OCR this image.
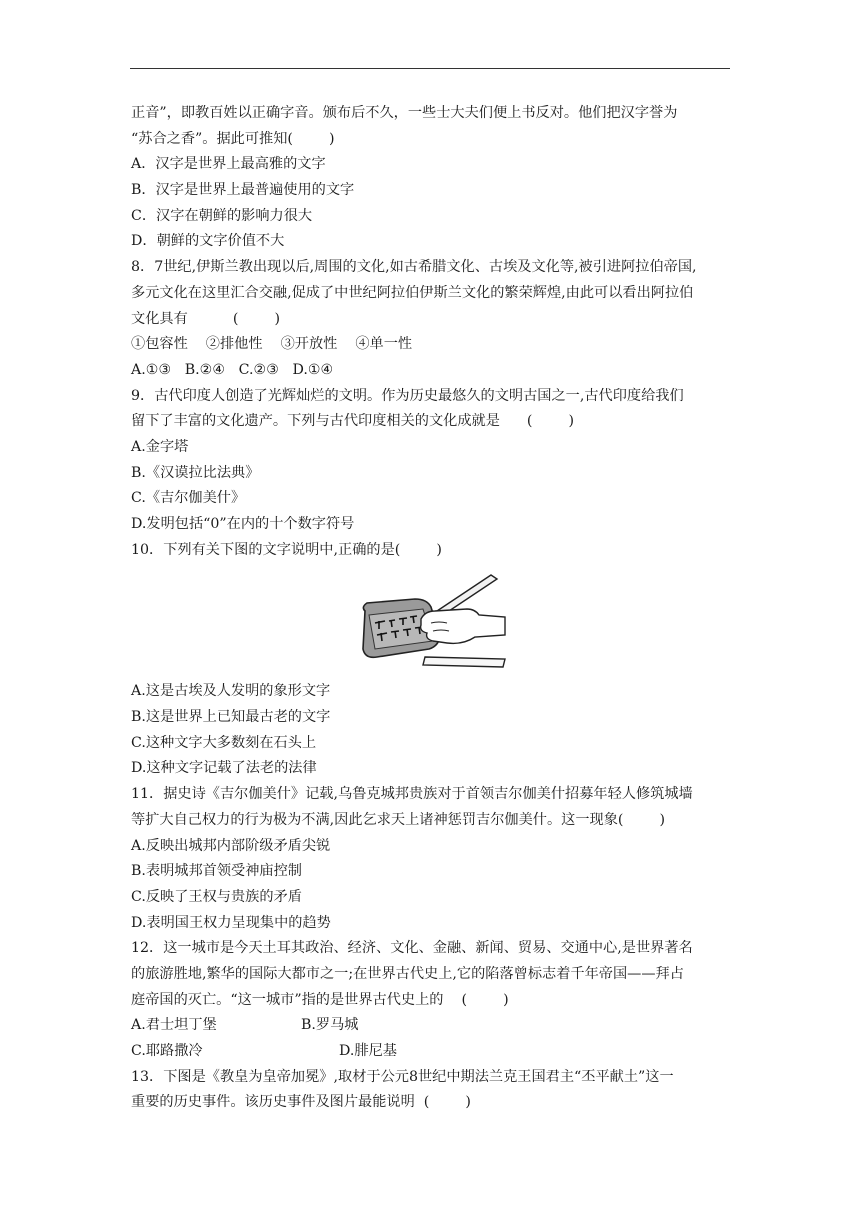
正音”，即教百姓以正确字音。颁布后不久，一些士大夫们便上书反对。他们把汉字誉为
“苏合之香”。据此可推知(        )
A．汉字是世界上最高雅的文字
B．汉字是世界上最普遍使用的文字
C．汉字在朝鲜的影响力很大
D．朝鲜的文字价值不大
8．7世纪,伊斯兰教出现以后,周围的文化,如古希腊文化、古埃及文化等,被引进阿拉伯帝国,
多元文化在这里汇合交融,促成了中世纪阿拉伯伊斯兰文化的繁荣辉煌,由此可以看出阿拉伯
文化具有          (        )
①包容性    ②排他性    ③开放性    ④单一性
A.①③   B.②④   C.②③   D.①④
9．古代印度人创造了光辉灿烂的文明。作为历史最悠久的文明古国之一,古代印度给我们
留下了丰富的文化遗产。下列与古代印度相关的文化成就是      (        )
A.金字塔
B.《汉谟拉比法典》
C.《吉尔伽美什》
D.发明包括“0”在内的十个数字符号
10．下列有关下图的文字说明中,正确的是(        )
A.这是古埃及人发明的象形文字
B.这是世界上已知最古老的文字
C.这种文字大多数刻在石头上
D.这种文字记载了法老的法律
11．据史诗《吉尔伽美什》记载,乌鲁克城邦贵族对于首领吉尔伽美什招募年轻人修筑城墙
等扩大自己权力的行为极为不满,因此乞求天上诸神惩罚吉尔伽美什。这一现象(        )
A.反映出城邦内部阶级矛盾尖锐
B.表明城邦首领受神庙控制
C.反映了王权与贵族的矛盾
D.表明国王权力呈现集中的趋势
12．这一城市是今天土耳其政治、经济、文化、金融、新闻、贸易、交通中心,是世界著名
的旅游胜地,繁华的国际大都市之一;在世界古代史上,它的陷落曾标志着千年帝国——拜占
庭帝国的灭亡。“这一城市”指的是世界古代史上的    (        )
A.君士坦丁堡	B.罗马城
C.耶路撒冷	D.腓尼基
13．下图是《教皇为皇帝加冕》,取材于公元8世纪中期法兰克王国君主“丕平献土”这一
重要的历史事件。该历史事件及图片最能说明  (        )
